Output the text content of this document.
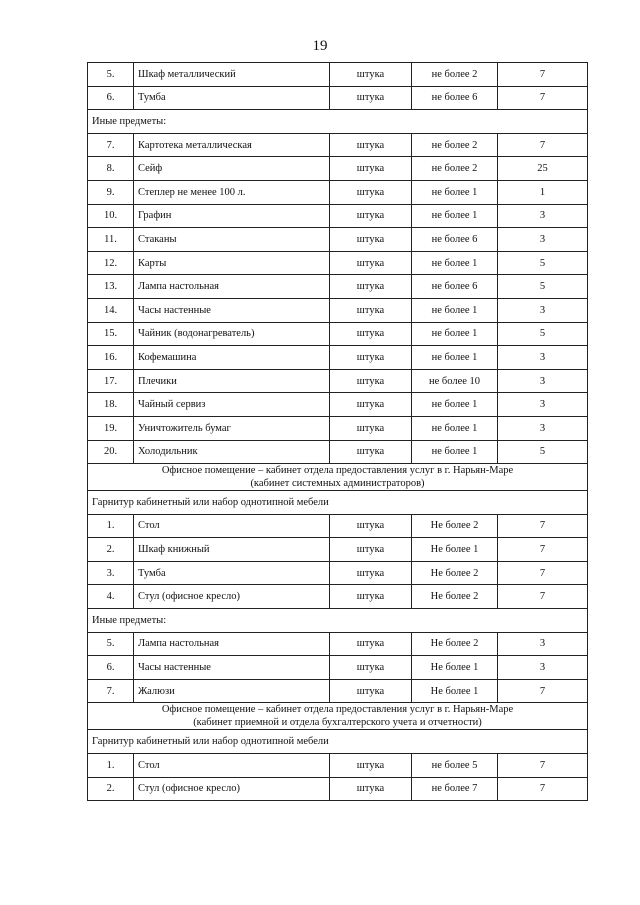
19
5.	Шкаф металлический	штука	не более 2	7
6.	Тумба	штука	не более 6	7
Иные предметы:				
7.	Картотека металлическая	штука	не более 2	7
8.	Сейф	штука	не более 2	25
9.	Степлер не менее 100 л.	штука	не более 1	1
10.	Графин	штука	не более 1	3
11.	Стаканы	штука	не более 6	3
12.	Карты	штука	не более 1	5
13.	Лампа настольная	штука	не более 6	5
14.	Часы настенные	штука	не более 1	3
15.	Чайник (водонагреватель)	штука	не более 1	5
16.	Кофемашина	штука	не более 1	3
17.	Плечики	штука	не более 10	3
18.	Чайный сервиз	штука	не более 1	3
19.	Уничтожитель бумаг	штука	не более 1	3
20.	Холодильник	штука	не более 1	5

Офисное помещение – кабинет отдела предоставления услуг в г. Нарьян-Маре
(кабинет системных администраторов)				

Гарнитур кабинетный или набор однотипной мебели				
1.	Стол	штука	Не более 2	7
2.	Шкаф книжный	штука	Не более 1	7
3.	Тумба	штука	Не более 2	7
4.	Стул (офисное кресло)	штука	Не более 2	7
Иные предметы:				
5.	Лампа настольная	штука	Не более 2	3
6.	Часы настенные	штука	Не более 1	3
7.	Жалюзи	штука	Не более 1	7

Офисное помещение – кабинет отдела предоставления услуг в г. Нарьян-Маре
(кабинет приемной и отдела бухгалтерского учета и отчетности)				

Гарнитур кабинетный или набор однотипной мебели				
1.	Стол	штука	не более 5	7
2.	Стул (офисное кресло)	штука	не более 7	7
